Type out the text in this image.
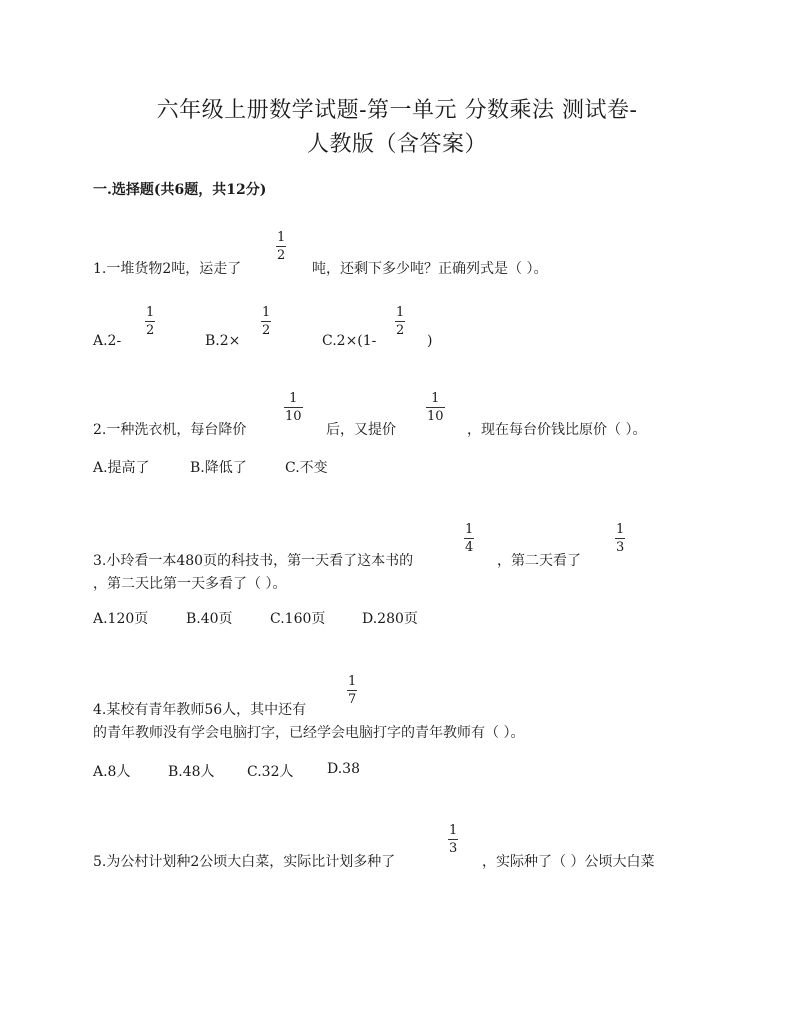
六年级上册数学试题-第一单元 分数乘法 测试卷-
人教版（含答案）
一.选择题(共6题，共12分)
1.一堆货物2吨，运走了
1
2
吨，还剩下多少吨？正确列式是（ ）。
A.2-
1
2
B.2×
1
2
C.2×(1-
1
2
)
2.一种洗衣机，每台降价
1
10
后，又提价
1
10
，现在每台价钱比原价（ ）。
A.提高了	B.降低了	C.不变
3.小玲看一本480页的科技书，第一天看了这本书的
1
4
，第二天看了
1
3
，第二天比第一天多看了（ ）。
A.120页	B.40页	C.160页	D.280页
4.某校有青年教师56人，其中还有
1
7
的青年教师没有学会电脑打字，已经学会电脑打字的青年教师有（ ）。
A.8人	B.48人 C.32人 D.38
5.为公村计划种2公顷大白菜，实际比计划多种了
1
3
，实际种了（ ）公顷大白菜
